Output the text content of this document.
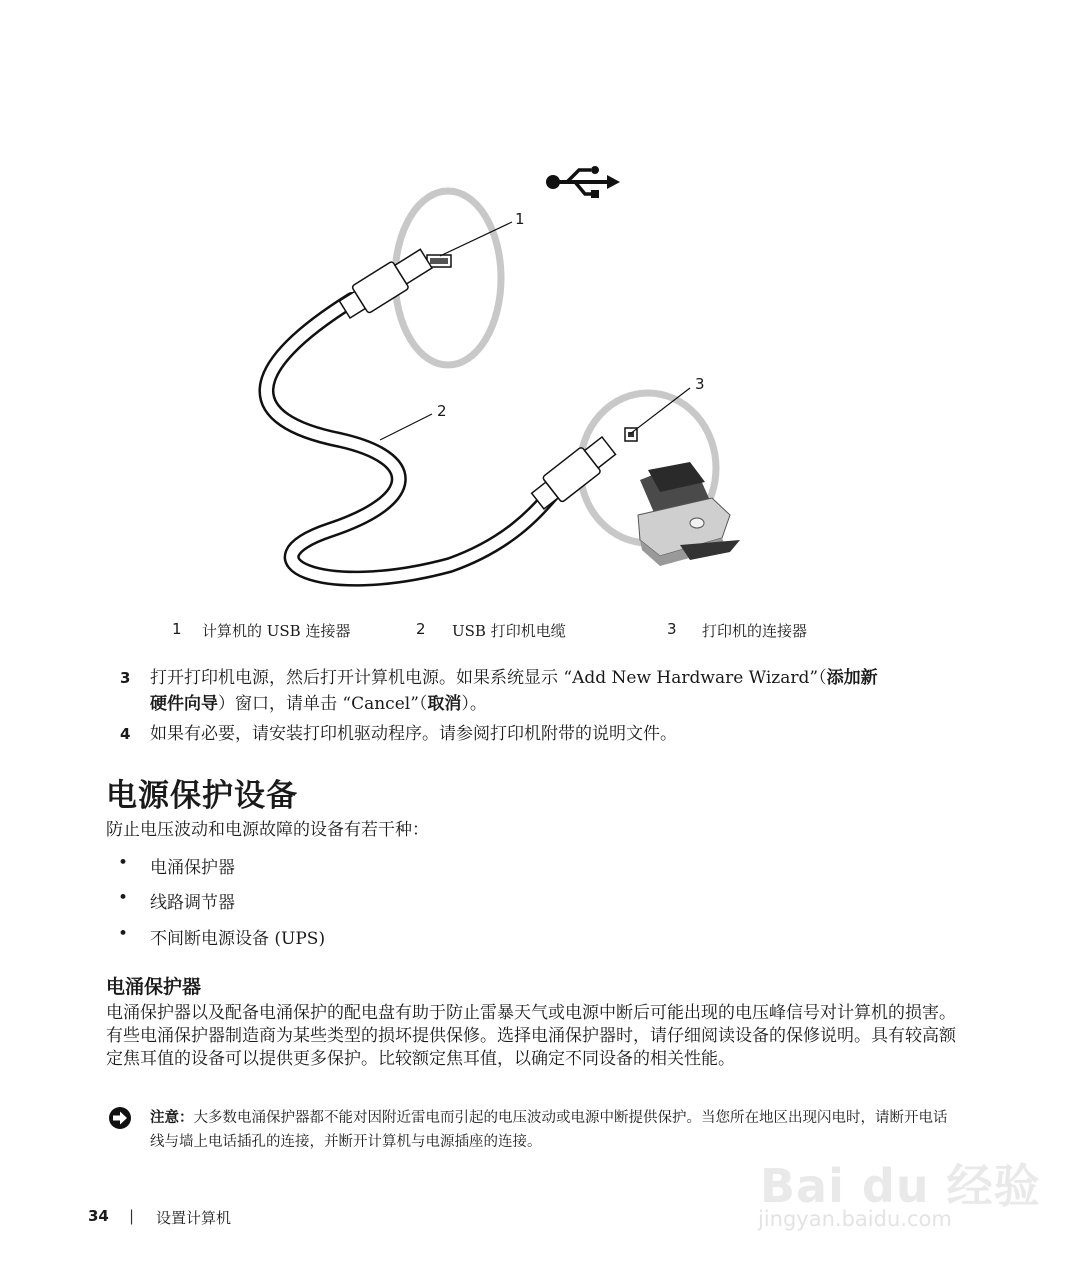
1
2
3
1 计算机的 USB 连接器	2 USB 打印机电缆	3 打印机的连接器
3 打开打印机电源，然后打开计算机电源。如果系统显示 “Add New Hardware Wizard”（添加新
硬件向导）窗口，请单击 “Cancel”（取消）。
4 如果有必要，请安装打印机驱动程序。请参阅打印机附带的说明文件。
电源保护设备
防止电压波动和电源故障的设备有若干种：
• 电涌保护器
• 线路调节器
• 不间断电源设备 (UPS)
电涌保护器
电涌保护器以及配备电涌保护的配电盘有助于防止雷暴天气或电源中断后可能出现的电压峰信号对计算机的损害。有些电涌保护器制造商为某些类型的损坏提供保修。选择电涌保护器时，请仔细阅读设备的保修说明。具有较高额定焦耳值的设备可以提供更多保护。比较额定焦耳值，以确定不同设备的相关性能。
注意：大多数电涌保护器都不能对因附近雷电而引起的电压波动或电源中断提供保护。当您所在地区出现闪电时，请断开电话线与墙上电话插孔的连接，并断开计算机与电源插座的连接。
Bai du 经验
jingyan.baidu.com
34 | 设置计算机
